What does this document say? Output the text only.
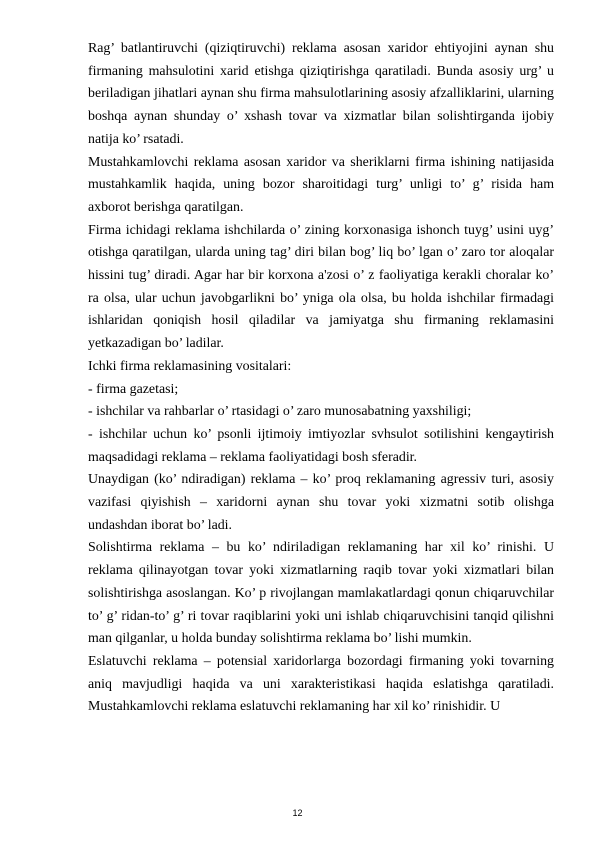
Rag’ batlantiruvchi (qiziqtiruvchi) reklama asosan xaridor ehtiyojini aynan shu firmaning mahsulotini xarid etishga qiziqtirishga qaratiladi. Bunda asosiy urg’ u beriladigan jihatlari aynan shu firma mahsulotlarining asosiy afzalliklarini, ularning boshqa aynan shunday o’ xshash tovar va xizmatlar bilan solishtirganda ijobiy natija ko’ rsatadi.

Mustahkamlovchi reklama asosan xaridor va sheriklarni firma ishining natijasida mustahkamlik haqida, uning bozor sharoitidagi turg’ unligi to’ g’ risida ham axborot berishga qaratilgan.

Firma ichidagi reklama ishchilarda o’ zining korxonasiga ishonch tuyg’ usini uyg’ otishga qaratilgan, ularda uning tag’ diri bilan bog’ liq bo’ lgan o’ zaro tor aloqalar hissini tug’ diradi. Agar har bir korxona a'zosi o’ z faoliyatiga kerakli choralar ko’ ra olsa, ular uchun javobgarlikni bo’ yniga ola olsa, bu holda ishchilar firmadagi ishlaridan qoniqish hosil qiladilar va jamiyatga shu firmaning reklamasini yetkazadigan bo’ ladilar.

Ichki firma reklamasining vositalari:

- firma gazetasi;

- ishchilar va rahbarlar o’ rtasidagi o’ zaro munosabatning yaxshiligi;

- ishchilar uchun ko’ psonli ijtimoiy imtiyozlar svhsulot sotilishini kengaytirish maqsadidagi reklama – reklama faoliyatidagi bosh sferadir.

Unaydigan (ko’ ndiradigan) reklama – ko’ proq reklamaning agressiv turi, asosiy vazifasi qiyishish – xaridorni aynan shu tovar yoki xizmatni sotib olishga undashdan iborat bo’ ladi.

Solishtirma reklama – bu ko’ ndiriladigan reklamaning har xil ko’ rinishi. U reklama qilinayotgan tovar yoki xizmatlarning raqib tovar yoki xizmatlari bilan solishtirishga asoslangan. Ko’ p rivojlangan mamlakatlardagi qonun chiqaruvchilar to’ g’ ridan-to’ g’ ri tovar raqiblarini yoki uni ishlab chiqaruvchisini tanqid qilishni man qilganlar, u holda bunday solishtirma reklama bo’ lishi mumkin.

Eslatuvchi reklama – potensial xaridorlarga bozordagi firmaning yoki tovarning aniq mavjudligi haqida va uni xarakteristikasi haqida eslatishga qaratiladi. Mustahkamlovchi reklama eslatuvchi reklamaning har xil ko’ rinishidir. U

12
